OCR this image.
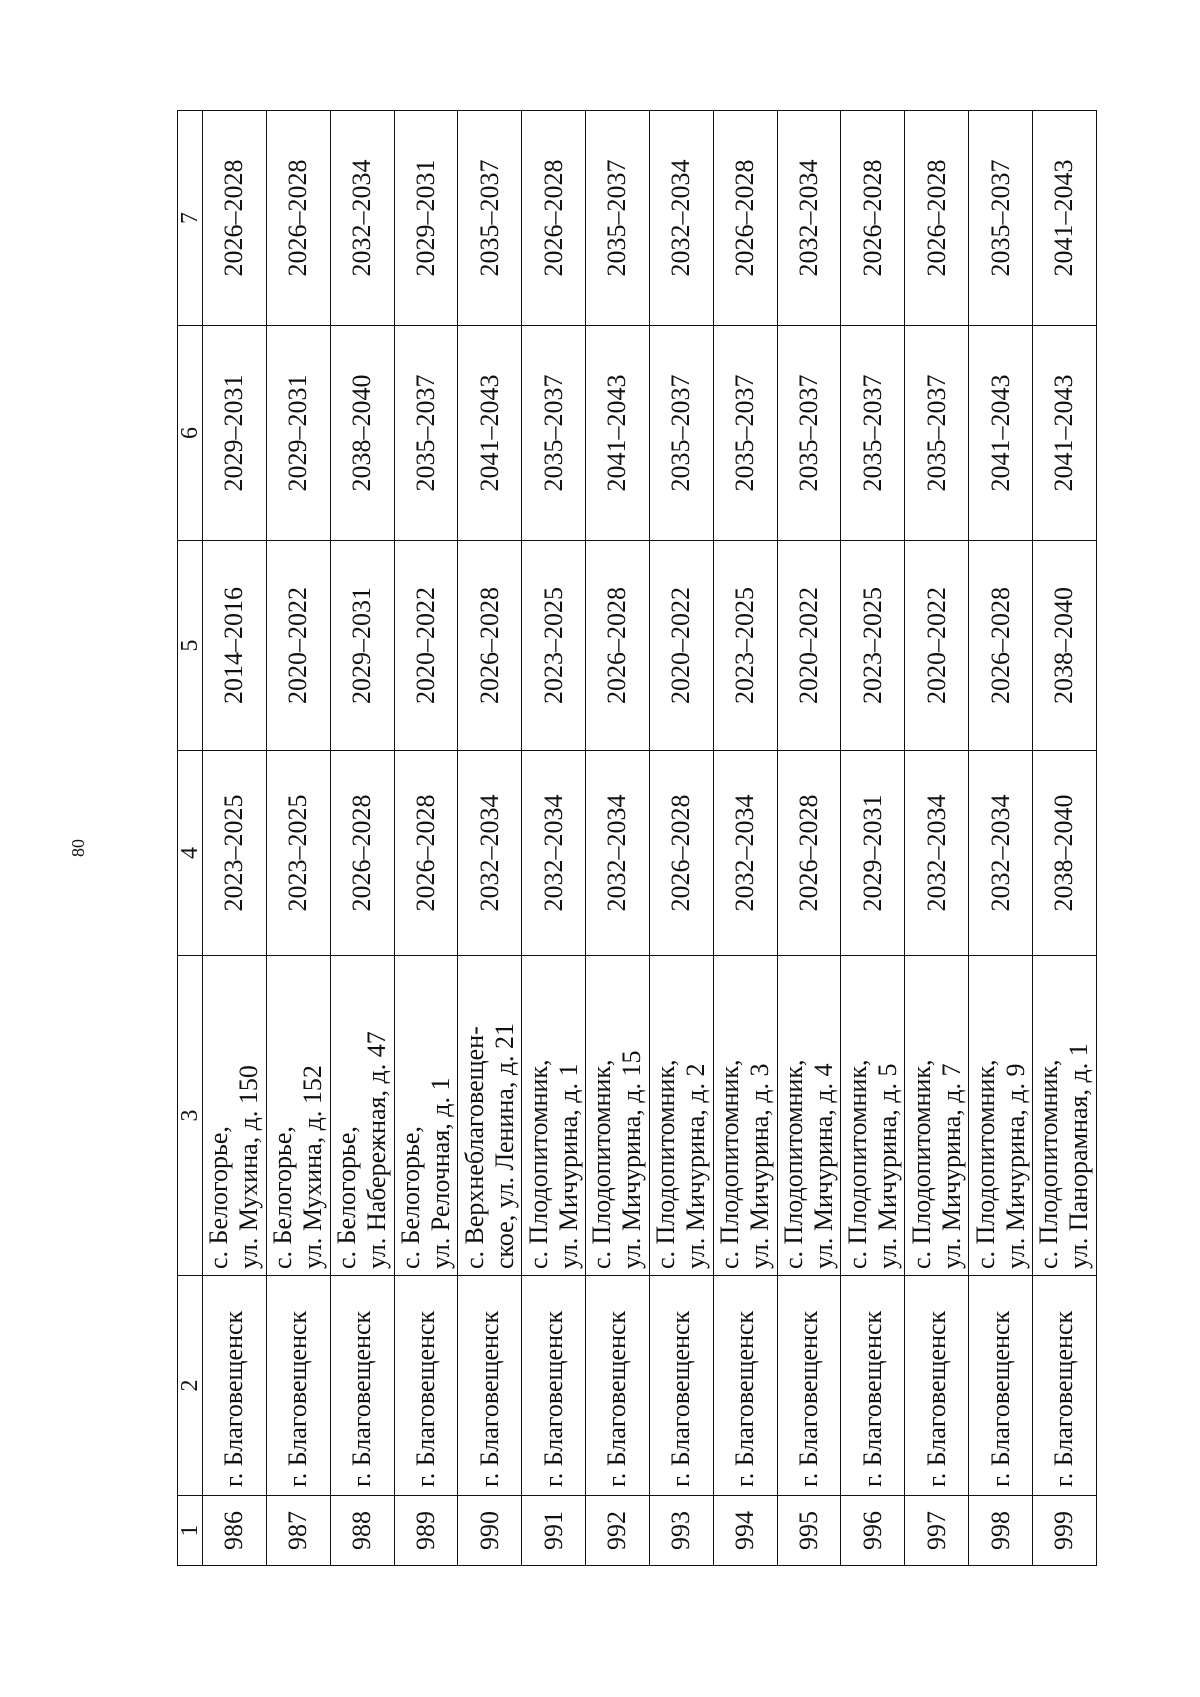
80
1	2	3	4	5	6	7
986	г. Благовещенск	с. Белогорье, ул. Мухина, д. 150	2023–2025	2014–2016	2029–2031	2026–2028
987	г. Благовещенск	с. Белогорье, ул. Мухина, д. 152	2023–2025	2020–2022	2029–2031	2026–2028
988	г. Благовещенск	с. Белогорье, ул. Набережная, д. 47	2026–2028	2029–2031	2038–2040	2032–2034
989	г. Благовещенск	с. Белогорье, ул. Релочная, д. 1	2026–2028	2020–2022	2035–2037	2029–2031
990	г. Благовещенск	с. Верхнеблаговещен- ское, ул. Ленина, д. 21	2032–2034	2026–2028	2041–2043	2035–2037
991	г. Благовещенск	с. Плодопитомник, ул. Мичурина, д. 1	2032–2034	2023–2025	2035–2037	2026–2028
992	г. Благовещенск	с. Плодопитомник, ул. Мичурина, д. 15	2032–2034	2026–2028	2041–2043	2035–2037
993	г. Благовещенск	с. Плодопитомник, ул. Мичурина, д. 2	2026–2028	2020–2022	2035–2037	2032–2034
994	г. Благовещенск	с. Плодопитомник, ул. Мичурина, д. 3	2032–2034	2023–2025	2035–2037	2026–2028
995	г. Благовещенск	с. Плодопитомник, ул. Мичурина, д. 4	2026–2028	2020–2022	2035–2037	2032–2034
996	г. Благовещенск	с. Плодопитомник, ул. Мичурина, д. 5	2029–2031	2023–2025	2035–2037	2026–2028
997	г. Благовещенск	с. Плодопитомник, ул. Мичурина, д. 7	2032–2034	2020–2022	2035–2037	2026–2028
998	г. Благовещенск	с. Плодопитомник, ул. Мичурина, д. 9	2032–2034	2026–2028	2041–2043	2035–2037
999	г. Благовещенск	с. Плодопитомник, ул. Панорамная, д. 1	2038–2040	2038–2040	2041–2043	2041–2043
